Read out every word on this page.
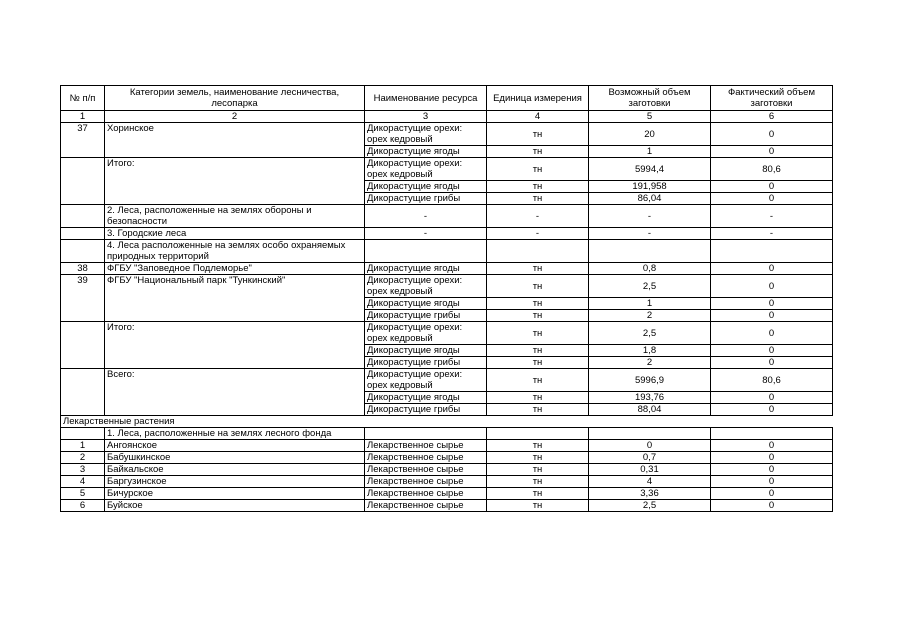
№ п/п	Категории земель, наименование лесничества, лесопарка	Наименование ресурса	Единица измерения	Возможный объем заготовки	Фактический объем заготовки
1	2	3	4	5	6
37	Хоринское	Дикорастущие орехи: орех кедровый	тн	20	0
		Дикорастущие ягоды	тн	1	0
	Итого:	Дикорастущие орехи: орех кедровый	тн	5994,4	80,6
		Дикорастущие ягоды	тн	191,958	0
		Дикорастущие грибы	тн	86,04	0
	2. Леса, расположенные на землях обороны и безопасности	-	-	-	-
	3. Городские леса	-	-	-	-
	4. Леса расположенные на землях особо охраняемых природных территорий				
38	ФГБУ "Заповедное Подлеморье"	Дикорастущие ягоды	тн	0,8	0
39	ФГБУ "Национальный парк "Тункинский"	Дикорастущие орехи: орех кедровый	тн	2,5	0
		Дикорастущие ягоды	тн	1	0
		Дикорастущие грибы	тн	2	0
	Итого:	Дикорастущие орехи: орех кедровый	тн	2,5	0
		Дикорастущие ягоды	тн	1,8	0
		Дикорастущие грибы	тн	2	0
	Всего:	Дикорастущие орехи: орех кедровый	тн	5996,9	80,6
		Дикорастущие ягоды	тн	193,76	0
		Дикорастущие грибы	тн	88,04	0
Лекарственные растения					
	1. Леса, расположенные на землях лесного фонда				
1	Ангоянское	Лекарственное сырье	тн	0	0
2	Бабушкинское	Лекарственное сырье	тн	0,7	0
3	Байкальское	Лекарственное сырье	тн	0,31	0
4	Баргузинское	Лекарственное сырье	тн	4	0
5	Бичурское	Лекарственное сырье	тн	3,36	0
6	Буйское	Лекарственное сырье	тн	2,5	0
